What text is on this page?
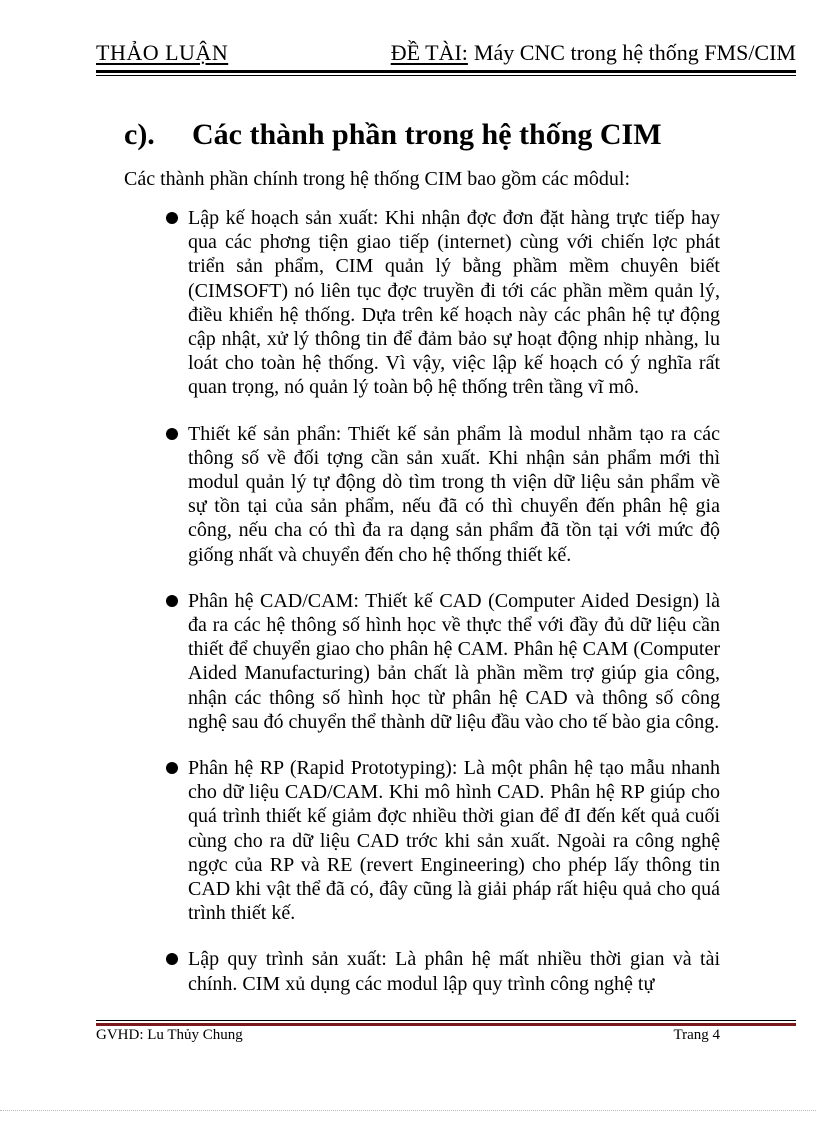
THẢO LUẬN	ĐỀ TÀI: Máy CNC trong hệ thống FMS/CIM
c). Các thành phần trong hệ thống CIM
Các thành phần chính trong hệ thống CIM bao gồm các môdul:
Lập kế hoạch sản xuất: Khi nhận đợc đơn đặt hàng trực tiếp hay qua các phơng tiện giao tiếp (internet) cùng với chiến lợc phát triển sản phẩm, CIM quản lý bằng phầm mềm chuyên biết (CIMSOFT) nó liên tục đợc truyền đi tới các phần mềm quản lý, điều khiển hệ thống. Dựa trên kế hoạch này các phân hệ tự động cập nhật, xử lý thông tin để đảm bảo sự hoạt động nhịp nhàng, lu loát cho toàn hệ thống. Vì vậy, việc lập kế hoạch có ý nghĩa rất quan trọng, nó quản lý toàn bộ hệ thống trên tầng vĩ mô.
Thiết kế sản phẩn: Thiết kế sản phẩm là modul nhằm tạo ra các thông số về đối tợng cần sản xuất. Khi nhận sản phẩm mới thì modul quản lý tự động dò tìm trong th viện dữ liệu sản phẩm về sự tồn tại của sản phẩm, nếu đã có thì chuyển đến phân hệ gia công, nếu cha có thì đa ra dạng sản phẩm đã tồn tại với mức độ giống nhất và chuyển đến cho hệ thống thiết kế.
Phân hệ CAD/CAM: Thiết kế CAD (Computer Aided Design) là đa ra các hệ thông số hình học về thực thể với đầy đủ dữ liệu cần thiết để chuyển giao cho phân hệ CAM. Phân hệ CAM (Computer Aided Manufacturing) bản chất là phần mềm trợ giúp gia công, nhận các thông số hình học từ phân hệ CAD và thông số công nghệ sau đó chuyển thể thành dữ liệu đầu vào cho tế bào gia công.
Phân hệ RP (Rapid Prototyping): Là một phân hệ tạo mẫu nhanh cho dữ liệu CAD/CAM. Khi mô hình CAD. Phân hệ RP giúp cho quá trình thiết kế giảm đợc nhiều thời gian để đI đến kết quả cuối cùng cho ra dữ liệu CAD trớc khi sản xuất. Ngoài ra công nghệ ngợc của RP và RE (revert Engineering) cho phép lấy thông tin CAD khi vật thể đã có, đây cũng là giải pháp rất hiệu quả cho quá trình thiết kế.
Lập quy trình sản xuất: Là phân hệ mất nhiều thời gian và tài chính. CIM xủ dụng các modul lập quy trình công nghệ tự
GVHD: Lu Thủy Chung	Trang 4
